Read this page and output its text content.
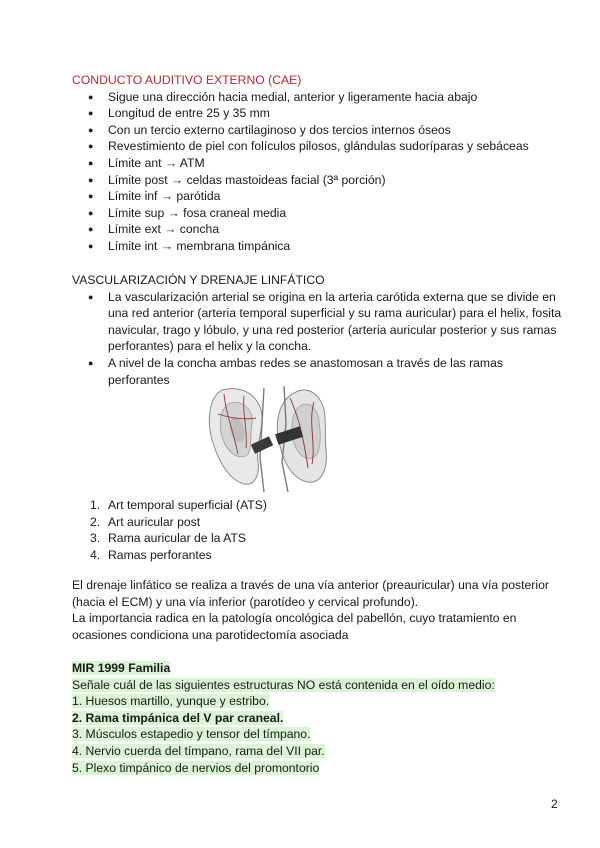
CONDUCTO AUDITIVO EXTERNO (CAE)
● Sigue una dirección hacia medial, anterior y ligeramente hacia abajo
● Longitud de entre 25 y 35 mm
● Con un tercio externo cartilaginoso y dos tercios internos óseos
● Revestimiento de piel con folículos pilosos, glándulas sudoríparas y sebáceas
● Límite ant → ATM
● Límite post → celdas mastoideas facial (3ª porción)
● Límite inf → parótida
● Límite sup → fosa craneal media
● Límite ext → concha
● Límite int → membrana timpánica
VASCULARIZACIÓN Y DRENAJE LINFÁTICO
● La vascularización arterial se origina en la arteria carótida externa que se divide en una red anterior (arteria temporal superficial y su rama auricular) para el helix, fosita navicular, trago y lóbulo, y una red posterior (arteria auricular posterior y sus ramas perforantes) para el helix y la concha.
● A nivel de la concha ambas redes se anastomosan a través de las ramas perforantes
1. Art temporal superficial (ATS)
2. Art auricular post
3. Rama auricular de la ATS
4. Ramas perforantes
El drenaje linfático se realiza a través de una vía anterior (preauricular) una vía posterior (hacia el ECM) y una vía inferior (parotídeo y cervical profundo).
La importancia radica en la patología oncológica del pabellón, cuyo tratamiento en ocasiones condiciona una parotidectomía asociada
MIR 1999 Familia
Señale cuál de las siguientes estructuras NO está contenida en el oído medio:
1. Huesos martillo, yunque y estribo.
2. Rama timpánica del V par craneal.
3. Músculos estapedio y tensor del tímpano.
4. Nervio cuerda del tímpano, rama del VII par.
5. Plexo timpánico de nervios del promontorio
2
